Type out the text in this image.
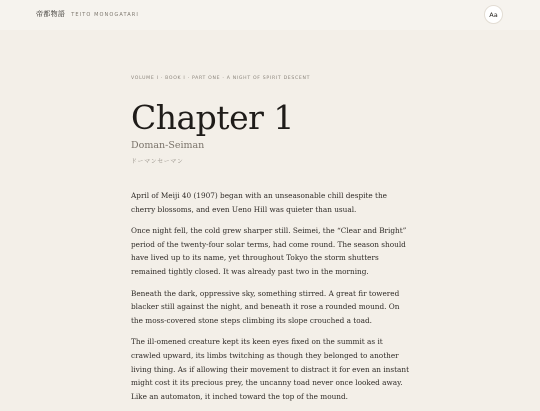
帝都物語 TEITO MONOGATARI	Aa
VOLUME I · BOOK I · PART ONE · A NIGHT OF SPIRIT DESCENT
Chapter 1
Doman-Seiman
ドーマンセーマン

April of Meiji 40 (1907) began with an unseasonable chill despite the cherry blossoms, and even Ueno Hill was quieter than usual.

Once night fell, the cold grew sharper still. Seimei, the “Clear and Bright” period of the twenty-four solar terms, had come round. The season should have lived up to its name, yet throughout Tokyo the storm shutters remained tightly closed. It was already past two in the morning.

Beneath the dark, oppressive sky, something stirred. A great fir towered blacker still against the night, and beneath it rose a rounded mound. On the moss-covered stone steps climbing its slope crouched a toad.

The ill-omened creature kept its keen eyes fixed on the summit as it crawled upward, its limbs twitching as though they belonged to another living thing. As if allowing their movement to distract it for even an instant might cost it its precious prey, the uncanny toad never once looked away. Like an automaton, it inched toward the top of the mound.
